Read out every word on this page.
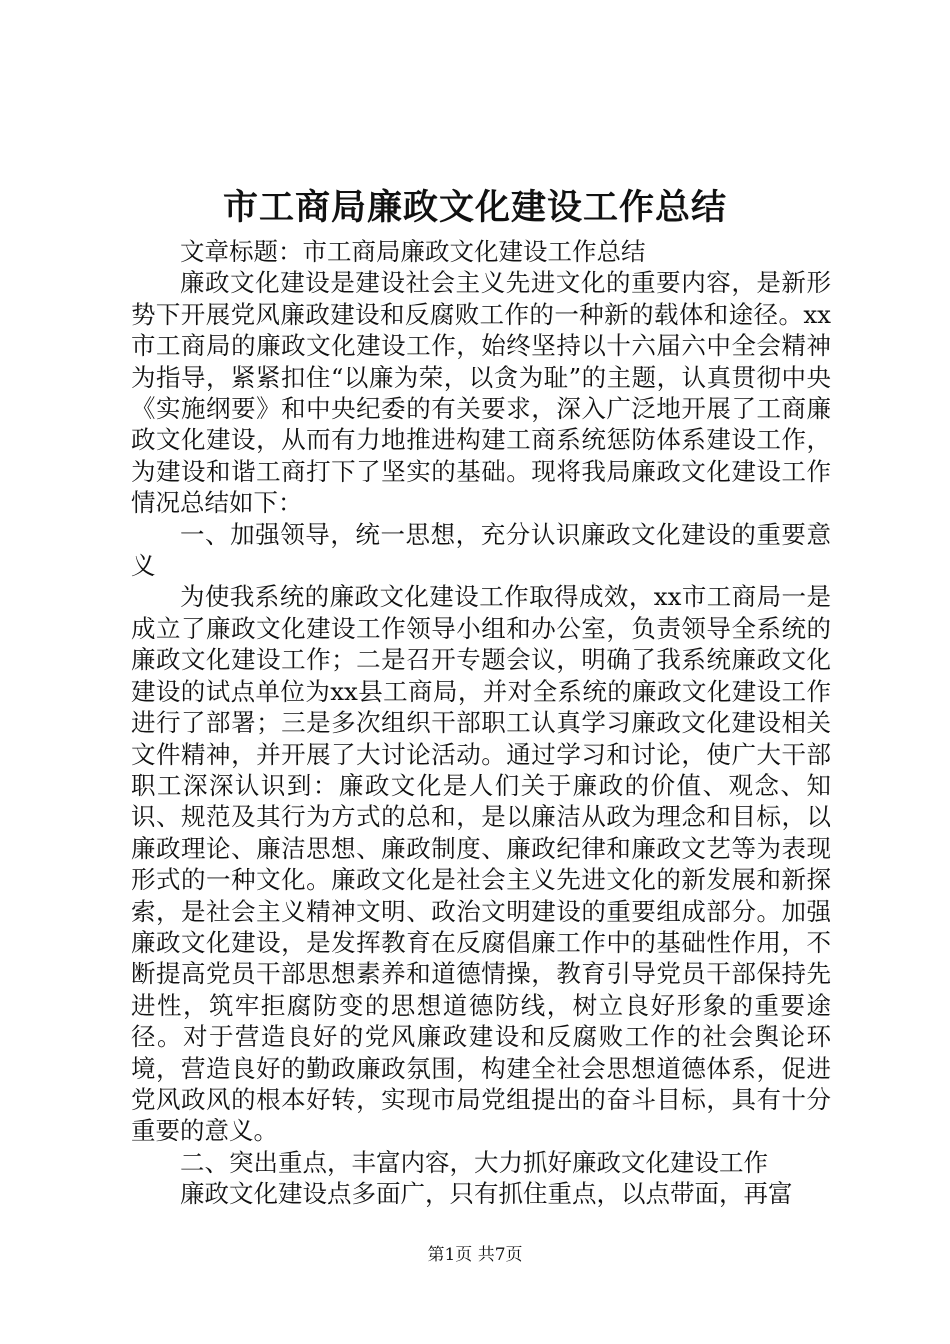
市工商局廉政文化建设工作总结

文章标题：市工商局廉政文化建设工作总结

廉政文化建设是建设社会主义先进文化的重要内容，是新形势下开展党风廉政建设和反腐败工作的一种新的载体和途径。xx市工商局的廉政文化建设工作，始终坚持以十六届六中全会精神为指导，紧紧扣住“以廉为荣，以贪为耻”的主题，认真贯彻中央《实施纲要》和中央纪委的有关要求，深入广泛地开展了工商廉政文化建设，从而有力地推进构建工商系统惩防体系建设工作，为建设和谐工商打下了坚实的基础。现将我局廉政文化建设工作情况总结如下：

一、加强领导，统一思想，充分认识廉政文化建设的重要意义

为使我系统的廉政文化建设工作取得成效，xx市工商局一是成立了廉政文化建设工作领导小组和办公室，负责领导全系统的廉政文化建设工作；二是召开专题会议，明确了我系统廉政文化建设的试点单位为xx县工商局，并对全系统的廉政文化建设工作进行了部署；三是多次组织干部职工认真学习廉政文化建设相关文件精神，并开展了大讨论活动。通过学习和讨论，使广大干部职工深深认识到：廉政文化是人们关于廉政的价值、观念、知识、规范及其行为方式的总和，是以廉洁从政为理念和目标，以廉政理论、廉洁思想、廉政制度、廉政纪律和廉政文艺等为表现形式的一种文化。廉政文化是社会主义先进文化的新发展和新探索，是社会主义精神文明、政治文明建设的重要组成部分。加强廉政文化建设，是发挥教育在反腐倡廉工作中的基础性作用，不断提高党员干部思想素养和道德情操，教育引导党员干部保持先进性，筑牢拒腐防变的思想道德防线，树立良好形象的重要途径。对于营造良好的党风廉政建设和反腐败工作的社会舆论环境，营造良好的勤政廉政氛围，构建全社会思想道德体系，促进党风政风的根本好转，实现市局党组提出的奋斗目标，具有十分重要的意义。

二、突出重点，丰富内容，大力抓好廉政文化建设工作

廉政文化建设点多面广，只有抓住重点，以点带面，再富

第1页 共7页
